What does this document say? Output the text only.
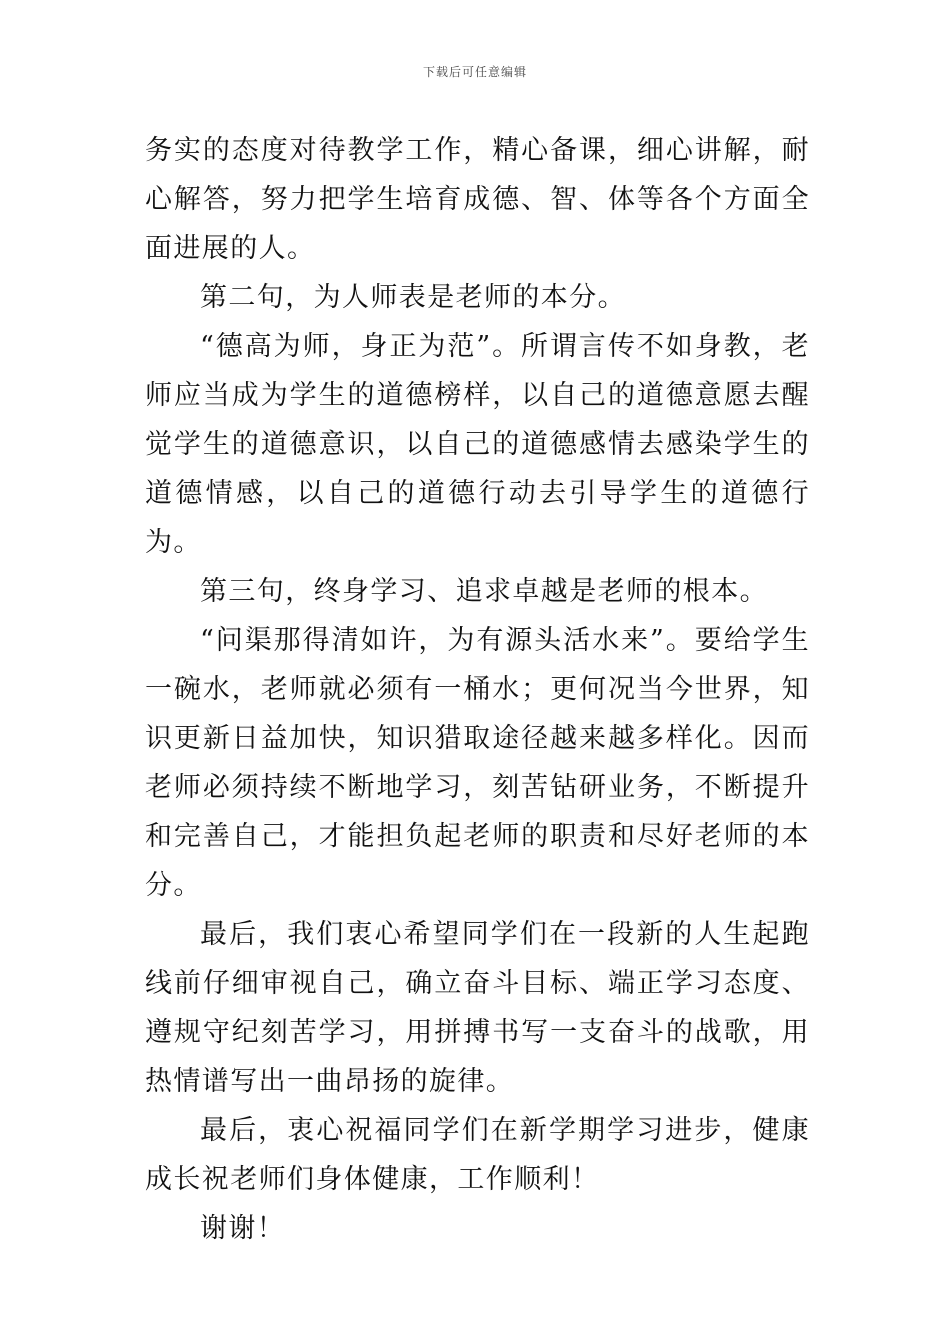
下载后可任意编辑

务实的态度对待教学工作，精心备课，细心讲解，耐心解答，努力把学生培育成德、智、体等各个方面全面进展的人。

第二句，为人师表是老师的本分。

“德高为师，身正为范”。所谓言传不如身教，老师应当成为学生的道德榜样，以自己的道德意愿去醒觉学生的道德意识，以自己的道德感情去感染学生的道德情感，以自己的道德行动去引导学生的道德行为。

第三句，终身学习、追求卓越是老师的根本。

“问渠那得清如许，为有源头活水来”。要给学生一碗水，老师就必须有一桶水；更何况当今世界，知识更新日益加快，知识猎取途径越来越多样化。因而老师必须持续不断地学习，刻苦钻研业务，不断提升和完善自己，才能担负起老师的职责和尽好老师的本分。

最后，我们衷心希望同学们在一段新的人生起跑线前仔细审视自己，确立奋斗目标、端正学习态度、遵规守纪刻苦学习，用拼搏书写一支奋斗的战歌，用热情谱写出一曲昂扬的旋律。

最后，衷心祝福同学们在新学期学习进步，健康成长祝老师们身体健康，工作顺利！

谢谢！
